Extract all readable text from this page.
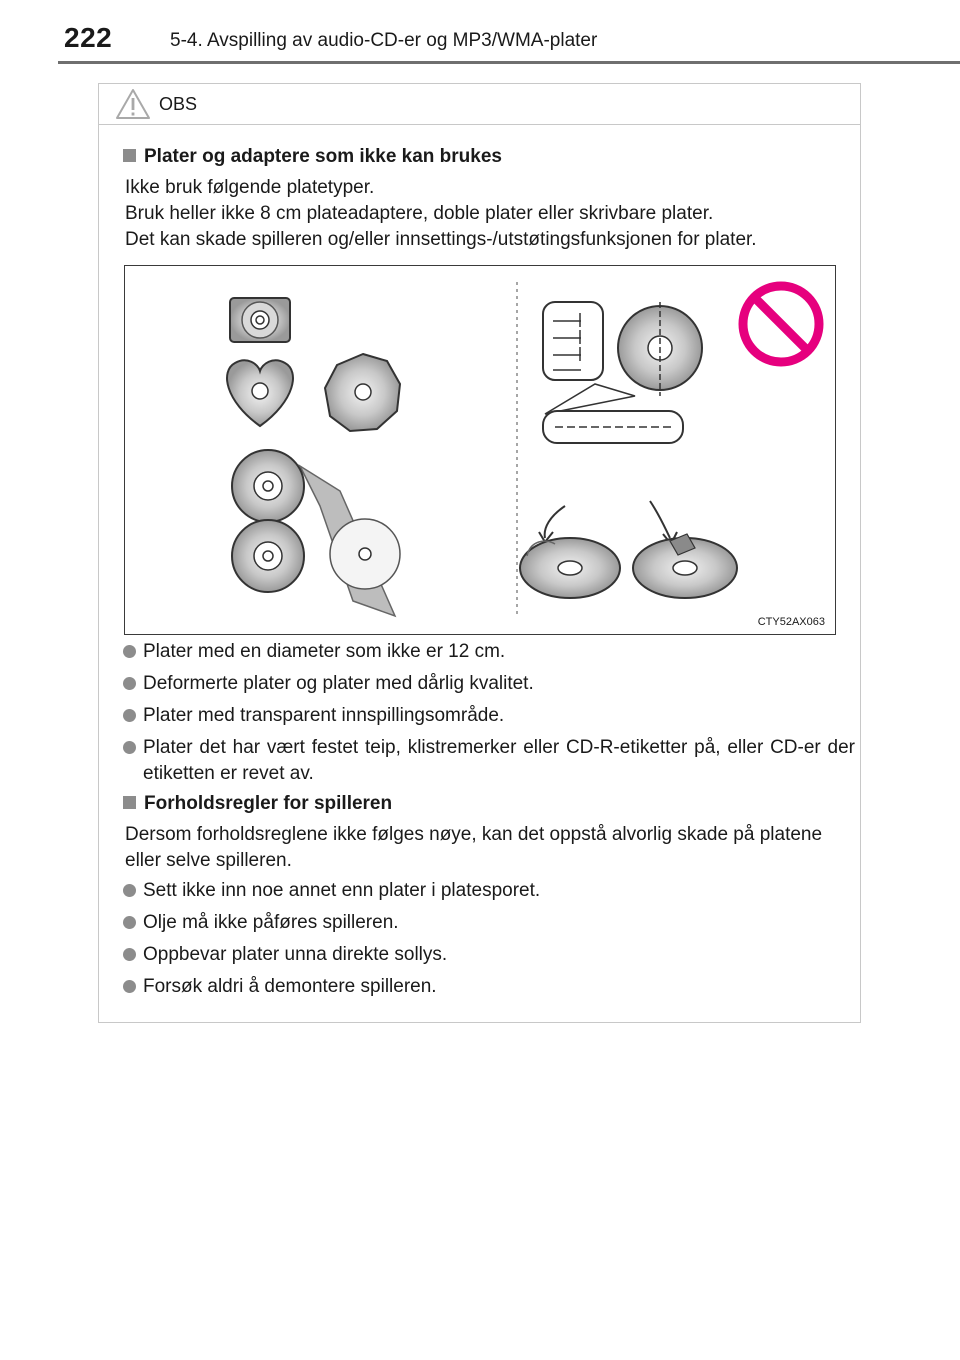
222	5-4. Avspilling av audio-CD-er og MP3/WMA-plater
OBS
Plater og adaptere som ikke kan brukes
Ikke bruk følgende platetyper.
Bruk heller ikke 8 cm plateadaptere, doble plater eller skrivbare plater.
Det kan skade spilleren og/eller innsettings-/utstøtingsfunksjonen for plater.
CTY52AX063
Plater med en diameter som ikke er 12 cm.
Deformerte plater og plater med dårlig kvalitet.
Plater med transparent innspillingsområde.
Plater det har vært festet teip, klistremerker eller CD-R-etiketter på, eller CD-er der etiketten er revet av.
Forholdsregler for spilleren
Dersom forholdsreglene ikke følges nøye, kan det oppstå alvorlig skade på platene eller selve spilleren.
Sett ikke inn noe annet enn plater i platesporet.
Olje må ikke påføres spilleren.
Oppbevar plater unna direkte sollys.
Forsøk aldri å demontere spilleren.
